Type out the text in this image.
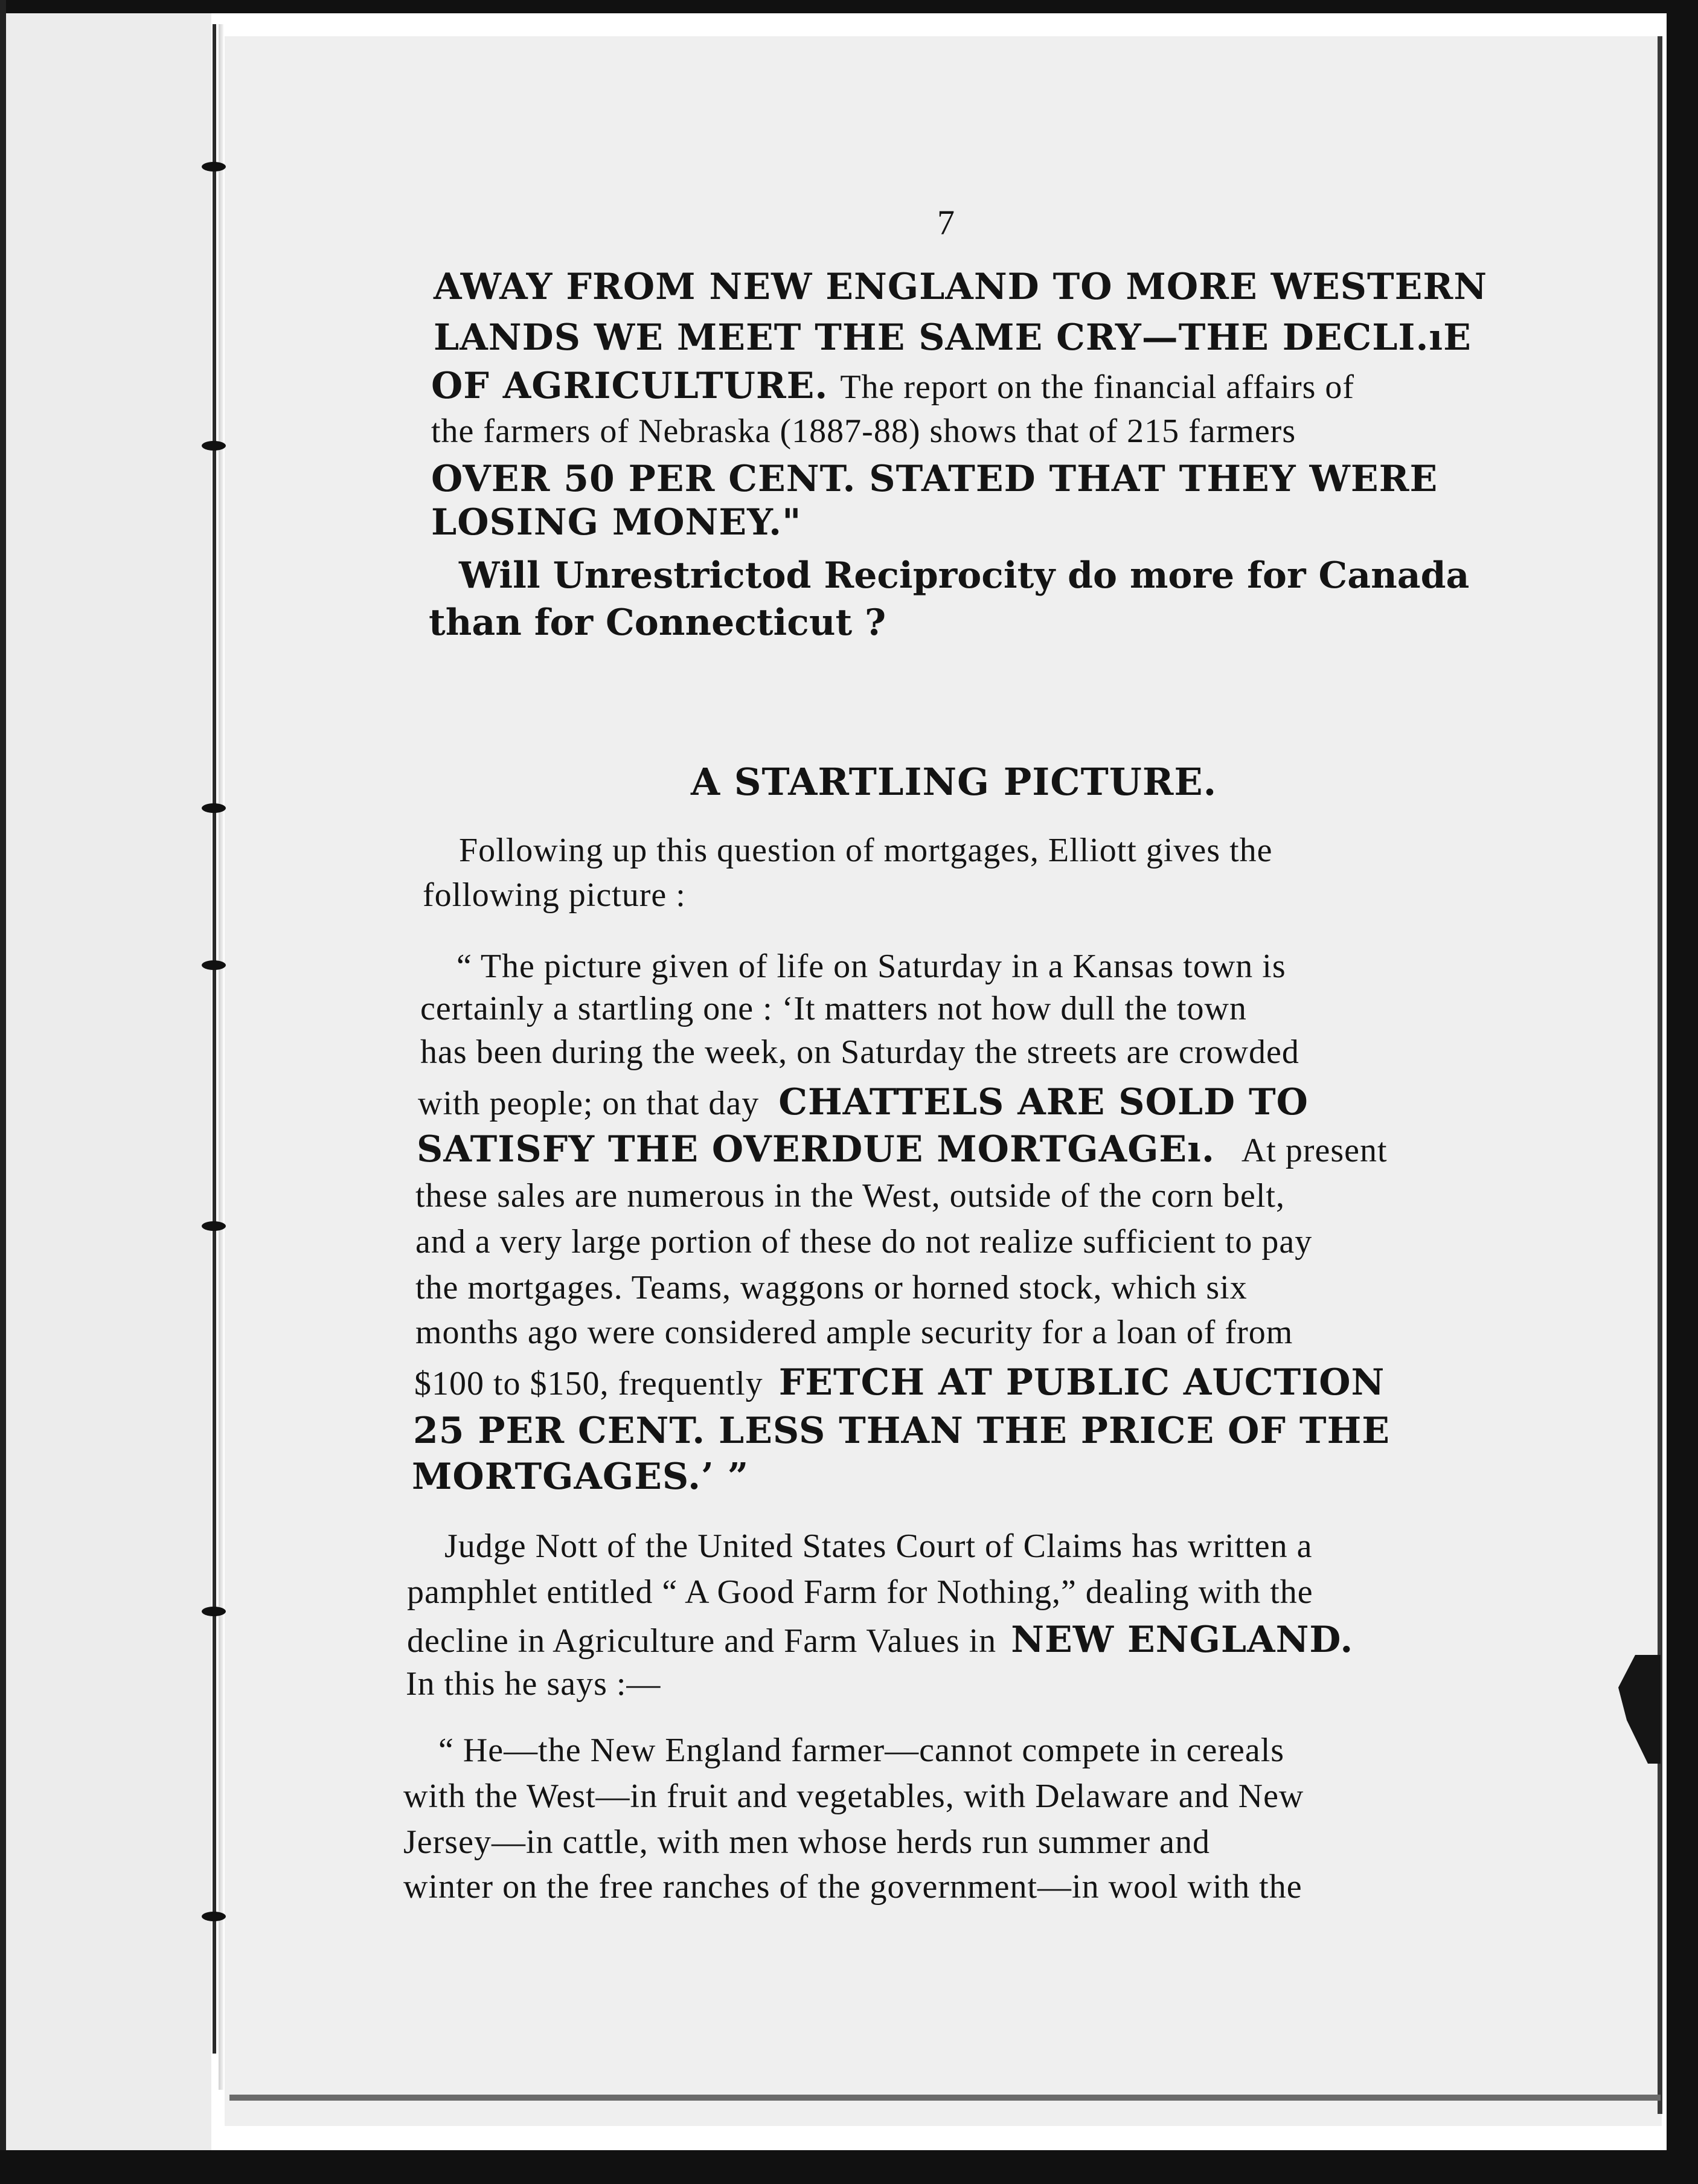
7
AWAY FROM NEW ENGLAND TO MORE WESTERN
LANDS WE MEET THE SAME CRY—THE DECLI.ıE
OF AGRICULTURE. The report on the financial affairs of
the farmers of Nebraska (1887-88) shows that of 215 farmers
OVER 50 PER CENT. STATED THAT THEY WERE
LOSING MONEY."
Will Unrestrictod Reciprocity do more for Canada
than for Connecticut ?
A STARTLING PICTURE.
Following up this question of mortgages, Elliott gives the
following picture :
“ The picture given of life on Saturday in a Kansas town is
certainly a startling one : ‘It matters not how dull the town
has been during the week, on Saturday the streets are crowded
with people; on that day CHATTELS ARE SOLD TO
SATISFY THE OVERDUE MORTGAGEı. At present
these sales are numerous in the West, outside of the corn belt,
and a very large portion of these do not realize sufficient to pay
the mortgages. Teams, waggons or horned stock, which six
months ago were considered ample security for a loan of from
$100 to $150, frequently FETCH AT PUBLIC AUCTION
25 PER CENT. LESS THAN THE PRICE OF THE
MORTGAGES.’ ”
Judge Nott of the United States Court of Claims has written a
pamphlet entitled “ A Good Farm for Nothing,” dealing with the
decline in Agriculture and Farm Values in NEW ENGLAND.
In this he says :—
“ He—the New England farmer—cannot compete in cereals
with the West—in fruit and vegetables, with Delaware and New
Jersey—in cattle, with men whose herds run summer and
winter on the free ranches of the government—in wool with the
